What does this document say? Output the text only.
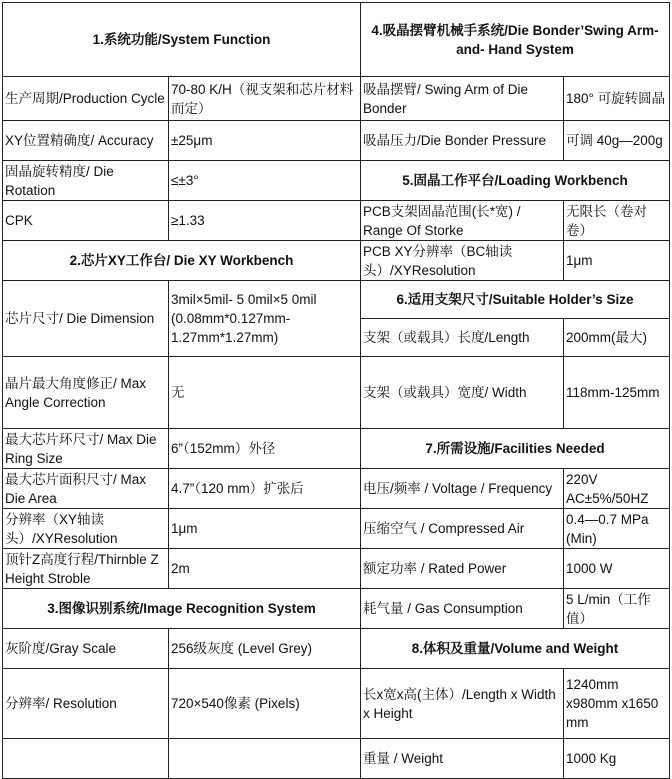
1.系统功能/System Function		4.吸晶摆臂机械手系统/Die Bonder’Swing Arm-and- Hand System	

生产周期/Production Cycle	70-80 K/H（视支架和芯片材料而定）	吸晶摆臂/ Swing Arm of Die Bonder	180° 可旋转圆晶
XY位置精确度/ Accuracy	±25μm	吸晶压力/Die Bonder Pressure	可调 40g—200g
固晶旋转精度/ Die Rotation	≤±3°	5.固晶工作平台/Loading Workbench	
CPK	≥1.33	PCB支架固晶范围(长*宽) / Range Of Storke	无限长（卷对卷）
2.芯片XY工作台/ Die XY Workbench		PCB XY分辨率（BC轴读头）/XYResolution	1μm
芯片尺寸/ Die Dimension	3mil×5mil- 5 0mil×5 0mil (0.08mm*0.127mm-1.27mm*1.27mm)	6.适用支架尺寸/Suitable Holder’s Size	
		支架（或载具）长度/Length	200mm(最大)
晶片最大角度修正/ Max Angle Correction	无	支架（或载具）宽度/ Width	118mm-125mm
最大芯片环尺寸/ Max Die Ring Size	6”（152mm）外径	7.所需设施/Facilities Needed	
最大芯片面积尺寸/ Max Die Area	4.7”（120 mm）扩张后	电压/频率 / Voltage / Frequency	220V AC±5%/50HZ
分辨率（XY轴读头）/XYResolution	1μm	压缩空气 / Compressed Air	0.4—0.7 MPa (Min)
顶针Z高度行程/Thirnble Z Height Stroble	2m	额定功率 / Rated Power	1000 W
3.图像识别系统/Image Recognition System		耗气量 / Gas Consumption	5 L/min（工作值）
灰阶度/Gray Scale	256级灰度 (Level Grey)	8.体积及重量/Volume and Weight	
分辨率/ Resolution	720×540像素 (Pixels)	长x宽x高(主体）/Length x Width x Height	1240mm x980mm x1650 mm
		重量 / Weight	1000 Kg
